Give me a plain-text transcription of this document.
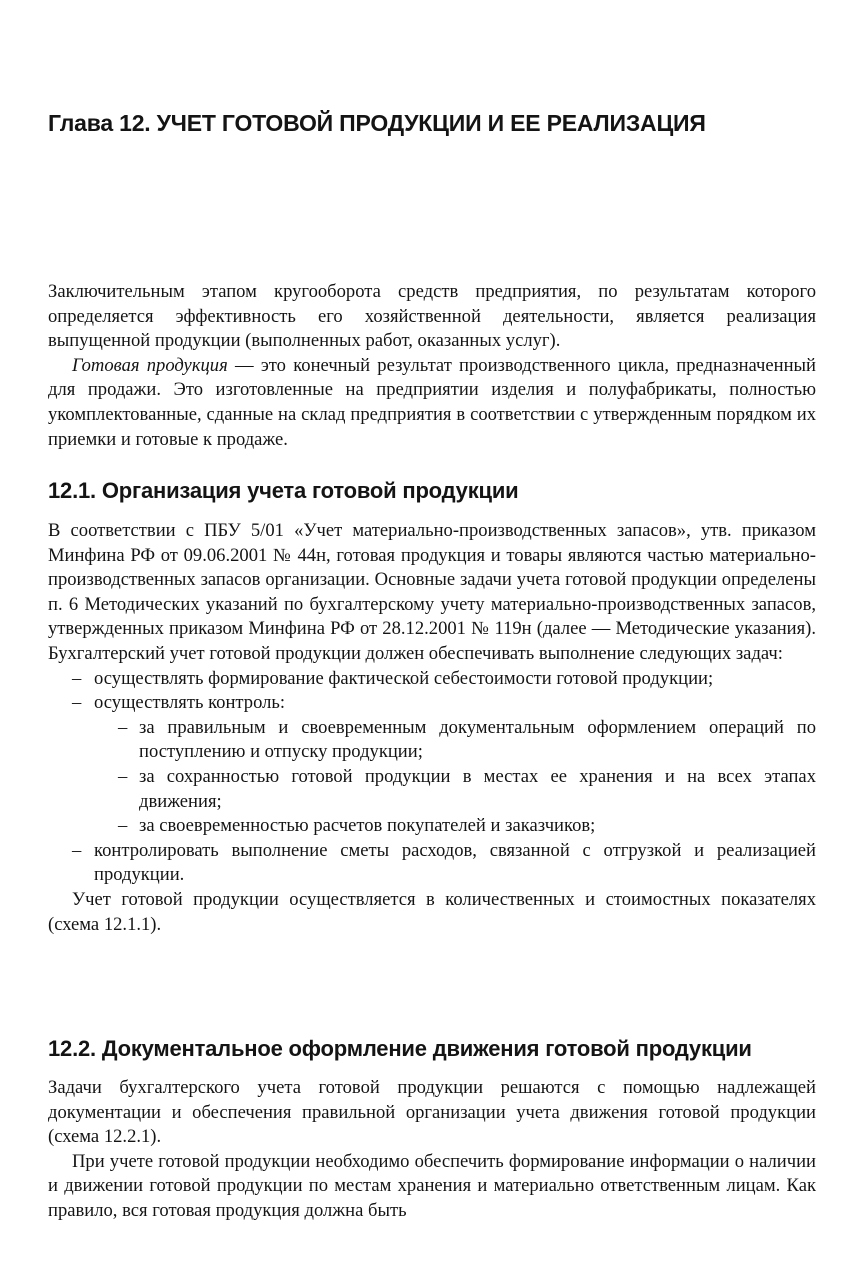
Глава 12. УЧЕТ ГОТОВОЙ ПРОДУКЦИИ И ЕЕ РЕАЛИЗАЦИЯ

Заключительным этапом кругооборота средств предприятия, по результатам которого определяется эффективность его хозяйственной деятельности, является реализация выпущенной продукции (выполненных работ, оказанных услуг).

Готовая продукция — это конечный результат производственного цикла, предназначенный для продажи. Это изготовленные на предприятии изделия и полуфабрикаты, полностью укомплектованные, сданные на склад предприятия в соответствии с утвержденным порядком их приемки и готовые к продаже.

12.1. Организация учета готовой продукции

В соответствии с ПБУ 5/01 «Учет материально-производственных запасов», утв. приказом Минфина РФ от 09.06.2001 № 44н, готовая продукция и товары являются частью материально-производственных запасов организации. Основные задачи учета готовой продукции определены п. 6 Методических указаний по бухгалтерскому учету материально-производственных запасов, утвержденных приказом Минфина РФ от 28.12.2001 № 119н (далее — Методические указания). Бухгалтерский учет готовой продукции должен обеспечивать выполнение следующих задач:

– осуществлять формирование фактической себестоимости готовой продукции;
– осуществлять контроль:
– за правильным и своевременным документальным оформлением операций по поступлению и отпуску продукции;
– за сохранностью готовой продукции в местах ее хранения и на всех этапах движения;
– за своевременностью расчетов покупателей и заказчиков;
– контролировать выполнение сметы расходов, связанной с отгрузкой и реализацией продукции.

Учет готовой продукции осуществляется в количественных и стоимостных показателях (схема 12.1.1).

12.2. Документальное оформление движения готовой продукции

Задачи бухгалтерского учета готовой продукции решаются с помощью надлежащей документации и обеспечения правильной организации учета движения готовой продукции (схема 12.2.1).

При учете готовой продукции необходимо обеспечить формирование информации о наличии и движении готовой продукции по местам хранения и материально ответственным лицам. Как правило, вся готовая продукция должна быть
